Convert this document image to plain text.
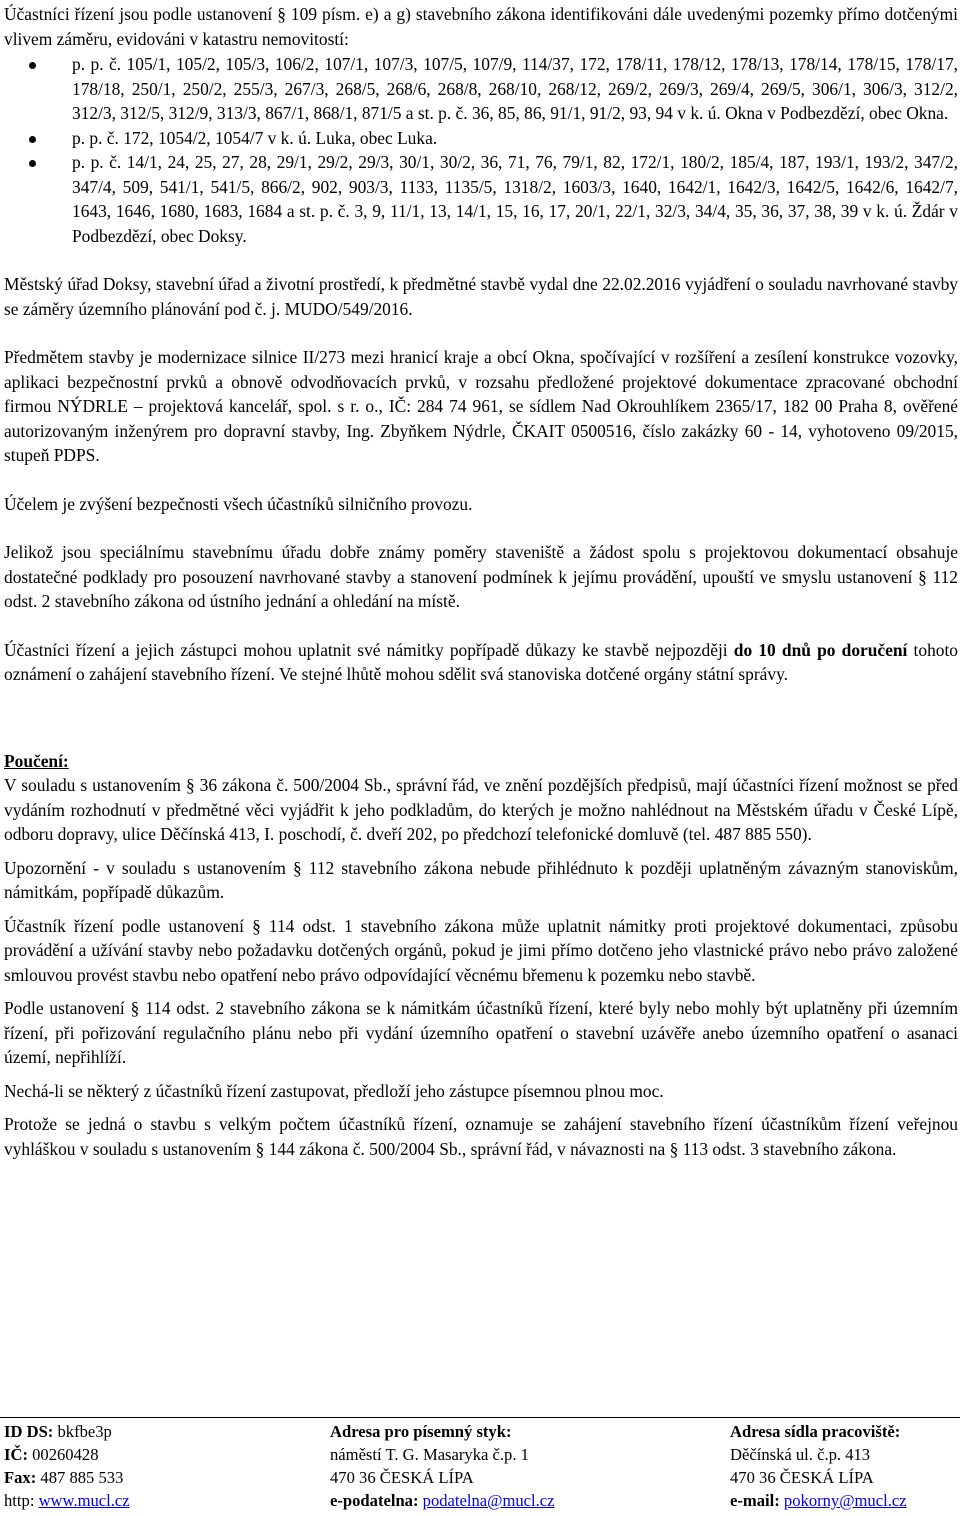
Účastníci řízení jsou podle ustanovení § 109 písm. e) a g) stavebního zákona identifikováni dále uvedenými pozemky přímo dotčenými vlivem záměru, evidováni v katastru nemovitostí:

p. p. č. 105/1, 105/2, 105/3, 106/2, 107/1, 107/3, 107/5, 107/9, 114/37, 172, 178/11, 178/12, 178/13, 178/14, 178/15, 178/17, 178/18, 250/1, 250/2, 255/3, 267/3, 268/5, 268/6, 268/8, 268/10, 268/12, 269/2, 269/3, 269/4, 269/5, 306/1, 306/3, 312/2, 312/3, 312/5, 312/9, 313/3, 867/1, 868/1, 871/5 a st. p. č. 36, 85, 86, 91/1, 91/2, 93, 94 v k. ú. Okna v Podbezdězí, obec Okna.
p. p. č. 172, 1054/2, 1054/7 v k. ú. Luka, obec Luka.
p. p. č. 14/1, 24, 25, 27, 28, 29/1, 29/2, 29/3, 30/1, 30/2, 36, 71, 76, 79/1, 82, 172/1, 180/2, 185/4, 187, 193/1, 193/2, 347/2, 347/4, 509, 541/1, 541/5, 866/2, 902, 903/3, 1133, 1135/5, 1318/2, 1603/3, 1640, 1642/1, 1642/3, 1642/5, 1642/6, 1642/7, 1643, 1646, 1680, 1683, 1684 a st. p. č. 3, 9, 11/1, 13, 14/1, 15, 16, 17, 20/1, 22/1, 32/3, 34/4, 35, 36, 37, 38, 39 v k. ú. Ždár v Podbezdězí, obec Doksy.

Městský úřad Doksy, stavební úřad a životní prostředí, k předmětné stavbě vydal dne 22.02.2016 vyjádření o souladu navrhované stavby se záměry územního plánování pod č. j. MUDO/549/2016.

Předmětem stavby je modernizace silnice II/273 mezi hranicí kraje a obcí Okna, spočívající v rozšíření a zesílení konstrukce vozovky, aplikaci bezpečnostní prvků a obnově odvodňovacích prvků, v rozsahu předložené projektové dokumentace zpracované obchodní firmou NÝDRLE – projektová kancelář, spol. s r. o., IČ: 284 74 961, se sídlem Nad Okrouhlíkem 2365/17, 182 00 Praha 8, ověřené autorizovaným inženýrem pro dopravní stavby, Ing. Zbyňkem Nýdrle, ČKAIT 0500516, číslo zakázky 60 - 14, vyhotoveno 09/2015, stupeň PDPS.

Účelem je zvýšení bezpečnosti všech účastníků silničního provozu.

Jelikož jsou speciálnímu stavebnímu úřadu dobře známy poměry staveniště a žádost spolu s projektovou dokumentací obsahuje dostatečné podklady pro posouzení navrhované stavby a stanovení podmínek k jejímu provádění, upouští ve smyslu ustanovení § 112 odst. 2 stavebního zákona od ústního jednání a ohledání na místě.

Účastníci řízení a jejich zástupci mohou uplatnit své námitky popřípadě důkazy ke stavbě nejpozději do 10 dnů po doručení tohoto oznámení o zahájení stavebního řízení. Ve stejné lhůtě mohou sdělit svá stanoviska dotčené orgány státní správy.

Poučení:

V souladu s ustanovením § 36 zákona č. 500/2004 Sb., správní řád, ve znění pozdějších předpisů, mají účastníci řízení možnost se před vydáním rozhodnutí v předmětné věci vyjádřit k jeho podkladům, do kterých je možno nahlédnout na Městském úřadu v České Lípě, odboru dopravy, ulice Děčínská 413, I. poschodí, č. dveří 202, po předchozí telefonické domluvě (tel. 487 885 550).

Upozornění - v souladu s ustanovením § 112 stavebního zákona nebude přihlédnuto k později uplatněným závazným stanoviskům, námitkám, popřípadě důkazům.

Účastník řízení podle ustanovení § 114 odst. 1 stavebního zákona může uplatnit námitky proti projektové dokumentaci, způsobu provádění a užívání stavby nebo požadavku dotčených orgánů, pokud je jimi přímo dotčeno jeho vlastnické právo nebo právo založené smlouvou provést stavbu nebo opatření nebo právo odpovídající věcnému břemenu k pozemku nebo stavbě.

Podle ustanovení § 114 odst. 2 stavebního zákona se k námitkám účastníků řízení, které byly nebo mohly být uplatněny při územním řízení, při pořizování regulačního plánu nebo při vydání územního opatření o stavební uzávěře anebo územního opatření o asanaci území, nepřihlíží.

Nechá-li se některý z účastníků řízení zastupovat, předloží jeho zástupce písemnou plnou moc.

Protože se jedná o stavbu s velkým počtem účastníků řízení, oznamuje se zahájení stavebního řízení účastníkům řízení veřejnou vyhláškou v souladu s ustanovením § 144 zákona č. 500/2004 Sb., správní řád, v návaznosti na § 113 odst. 3 stavebního zákona.

ID DS: bkfbe3p
IČ: 00260428
Fax: 487 885 533
http: www.mucl.cz
Adresa pro písemný styk:
náměstí T. G. Masaryka č.p. 1
470 36 ČESKÁ LÍPA
e-podatelna: podatelna@mucl.cz
Adresa sídla pracoviště:
Děčínská ul. č.p. 413
470 36 ČESKÁ LÍPA
e-mail: pokorny@mucl.cz
